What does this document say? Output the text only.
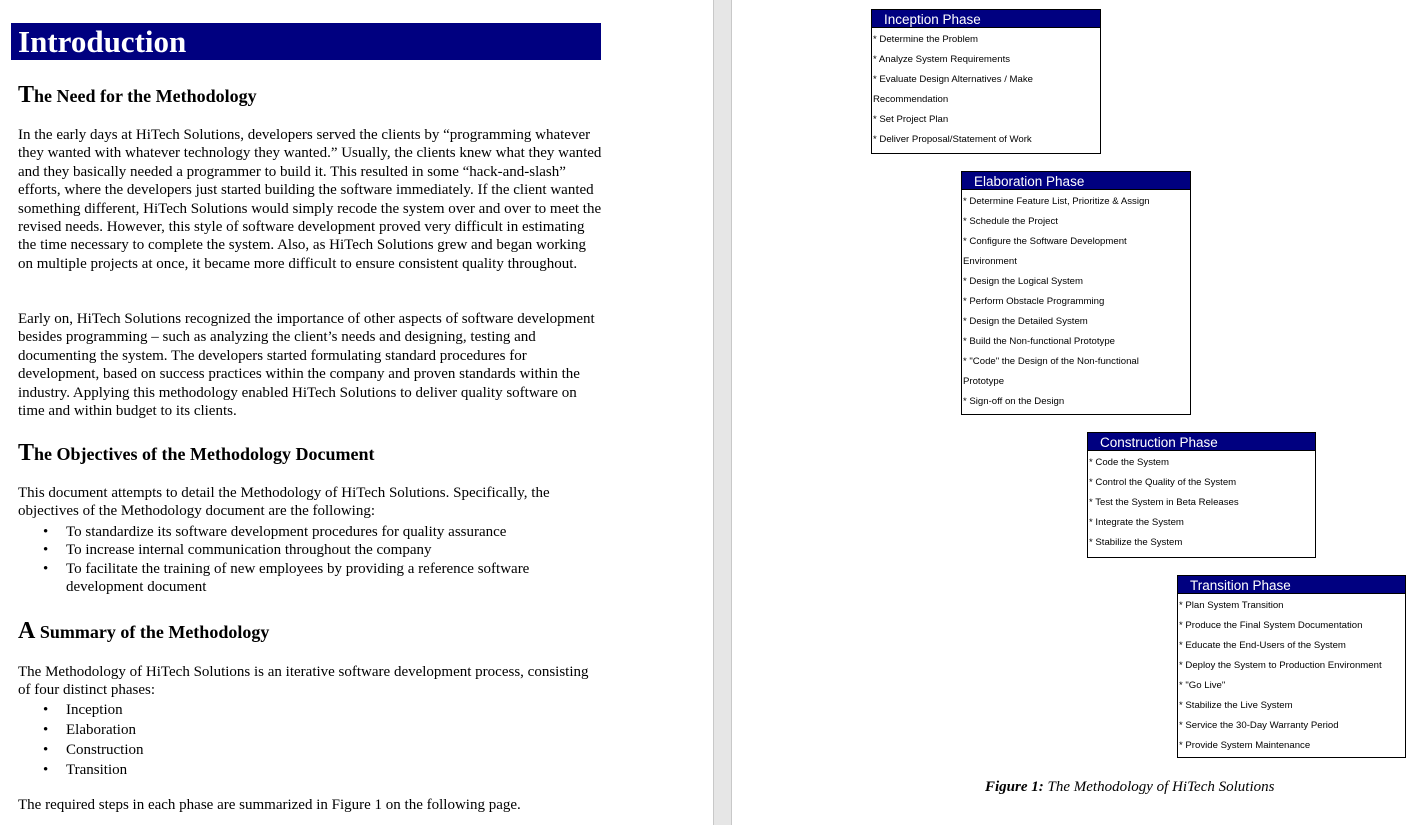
Introduction
The Need for the Methodology

In the early days at HiTech Solutions, developers served the clients by “programming whatever they wanted with whatever technology they wanted.” Usually, the clients knew what they wanted and they basically needed a programmer to build it. This resulted in some “hack-and-slash” efforts, where the developers just started building the software immediately. If the client wanted something different, HiTech Solutions would simply recode the system over and over to meet the revised needs. However, this style of software development proved very difficult in estimating the time necessary to complete the system. Also, as HiTech Solutions grew and began working on multiple projects at once, it became more difficult to ensure consistent quality throughout.

Early on, HiTech Solutions recognized the importance of other aspects of software development besides programming – such as analyzing the client’s needs and designing, testing and documenting the system. The developers started formulating standard procedures for development, based on success practices within the company and proven standards within the industry. Applying this methodology enabled HiTech Solutions to deliver quality software on time and within budget to its clients.

The Objectives of the Methodology Document

This document attempts to detail the Methodology of HiTech Solutions. Specifically, the objectives of the Methodology document are the following:

• To standardize its software development procedures for quality assurance
• To increase internal communication throughout the company
• To facilitate the training of new employees by providing a reference software development document
A Summary of the Methodology

The Methodology of HiTech Solutions is an iterative software development process, consisting of four distinct phases:

• Inception
• Elaboration
• Construction
• Transition

The required steps in each phase are summarized in Figure 1 on the following page.

Inception Phase
* Determine the Problem
* Analyze System Requirements
* Evaluate Design Alternatives / Make
Recommendation
* Set Project Plan
* Deliver Proposal/Statement of Work
Elaboration Phase
* Determine Feature List, Prioritize & Assign
* Schedule the Project
* Configure the Software Development
Environment
* Design the Logical System
* Perform Obstacle Programming
* Design the Detailed System
* Build the Non-functional Prototype
* "Code" the Design of the Non-functional
Prototype
* Sign-off on the Design
Construction Phase
* Code the System
* Control the Quality of the System
* Test the System in Beta Releases
* Integrate the System
* Stabilize the System
Transition Phase
* Plan System Transition
* Produce the Final System Documentation
* Educate the End-Users of the System
* Deploy the System to Production Environment
* "Go Live"
* Stabilize the Live System
* Service the 30-Day Warranty Period
* Provide System Maintenance
Figure 1: The Methodology of HiTech Solutions
